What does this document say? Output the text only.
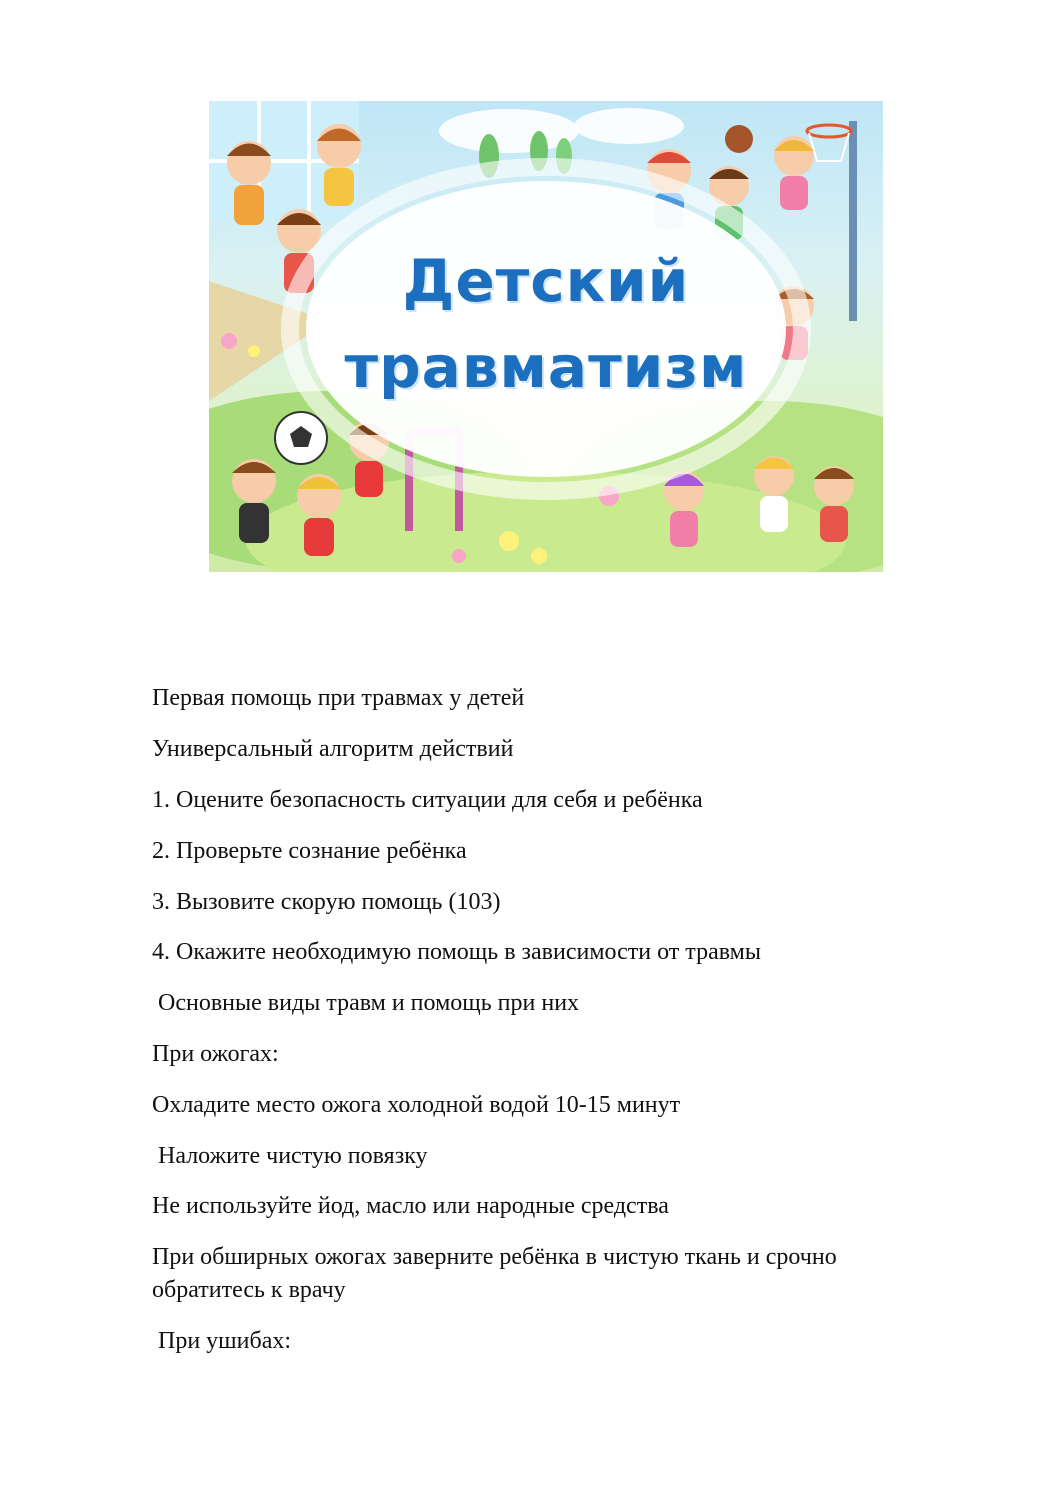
Детский
травматизм
Первая помощь при травмах у детей
Универсальный алгоритм действий
1. Оцените безопасность ситуации для себя и ребёнка
2. Проверьте сознание ребёнка
3. Вызовите скорую помощь (103)
4. Окажите необходимую помощь в зависимости от травмы
Основные виды травм и помощь при них
При ожогах:
Охладите место ожога холодной водой 10-15 минут
Наложите чистую повязку
Не используйте йод, масло или народные средства
При обширных ожогах заверните ребёнка в чистую ткань и срочно обратитесь к врачу
При ушибах:
